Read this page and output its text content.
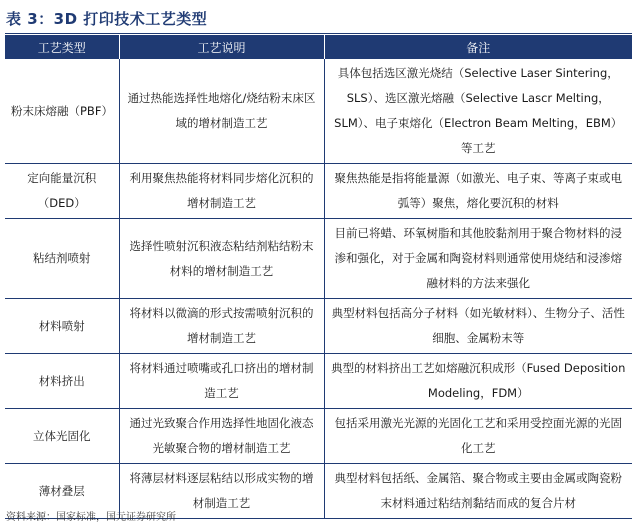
表 3：3D 打印技术工艺类型
工艺类型	工艺说明	备注
粉末床熔融（PBF）	通过热能选择性地熔化/烧结粉末床区域的增材制造工艺	具体包括选区激光烧结（Selective Laser Sintering，SLS）、选区激光熔融（Selective Lascr Melting，SLM）、电子束熔化（Electron Beam Melting，EBM）等工艺
定向能量沉积（DED）	利用聚焦热能将材料同步熔化沉积的增材制造工艺	聚焦热能是指将能量源（如激光、电子束、等离子束或电弧等）聚焦，熔化要沉积的材料
粘结剂喷射	选择性喷射沉积液态粘结剂粘结粉末材料的增材制造工艺	目前已将蜡、环氧树脂和其他胶黏剂用于聚合物材料的浸渗和强化，对于金属和陶瓷材料则通常使用烧结和浸渗熔融材料的方法来强化
材料喷射	将材料以微滴的形式按需喷射沉积的增材制造工艺	典型材料包括高分子材料（如光敏材料）、生物分子、活性细胞、金属粉末等
材料挤出	将材料通过喷嘴或孔口挤出的增材制造工艺	典型的材料挤出工艺如熔融沉积成形（Fused Deposition Modeling，FDM）
立体光固化	通过光致聚合作用选择性地固化液态光敏聚合物的增材制造工艺	包括采用激光光源的光固化工艺和采用受控面光源的光固化工艺
薄材叠层	将薄层材料逐层粘结以形成实物的增材制造工艺	典型材料包括纸、金属箔、聚合物或主要由金属或陶瓷粉末材料通过粘结剂黏结而成的复合片材
资料来源：国家标准，国元证券研究所
